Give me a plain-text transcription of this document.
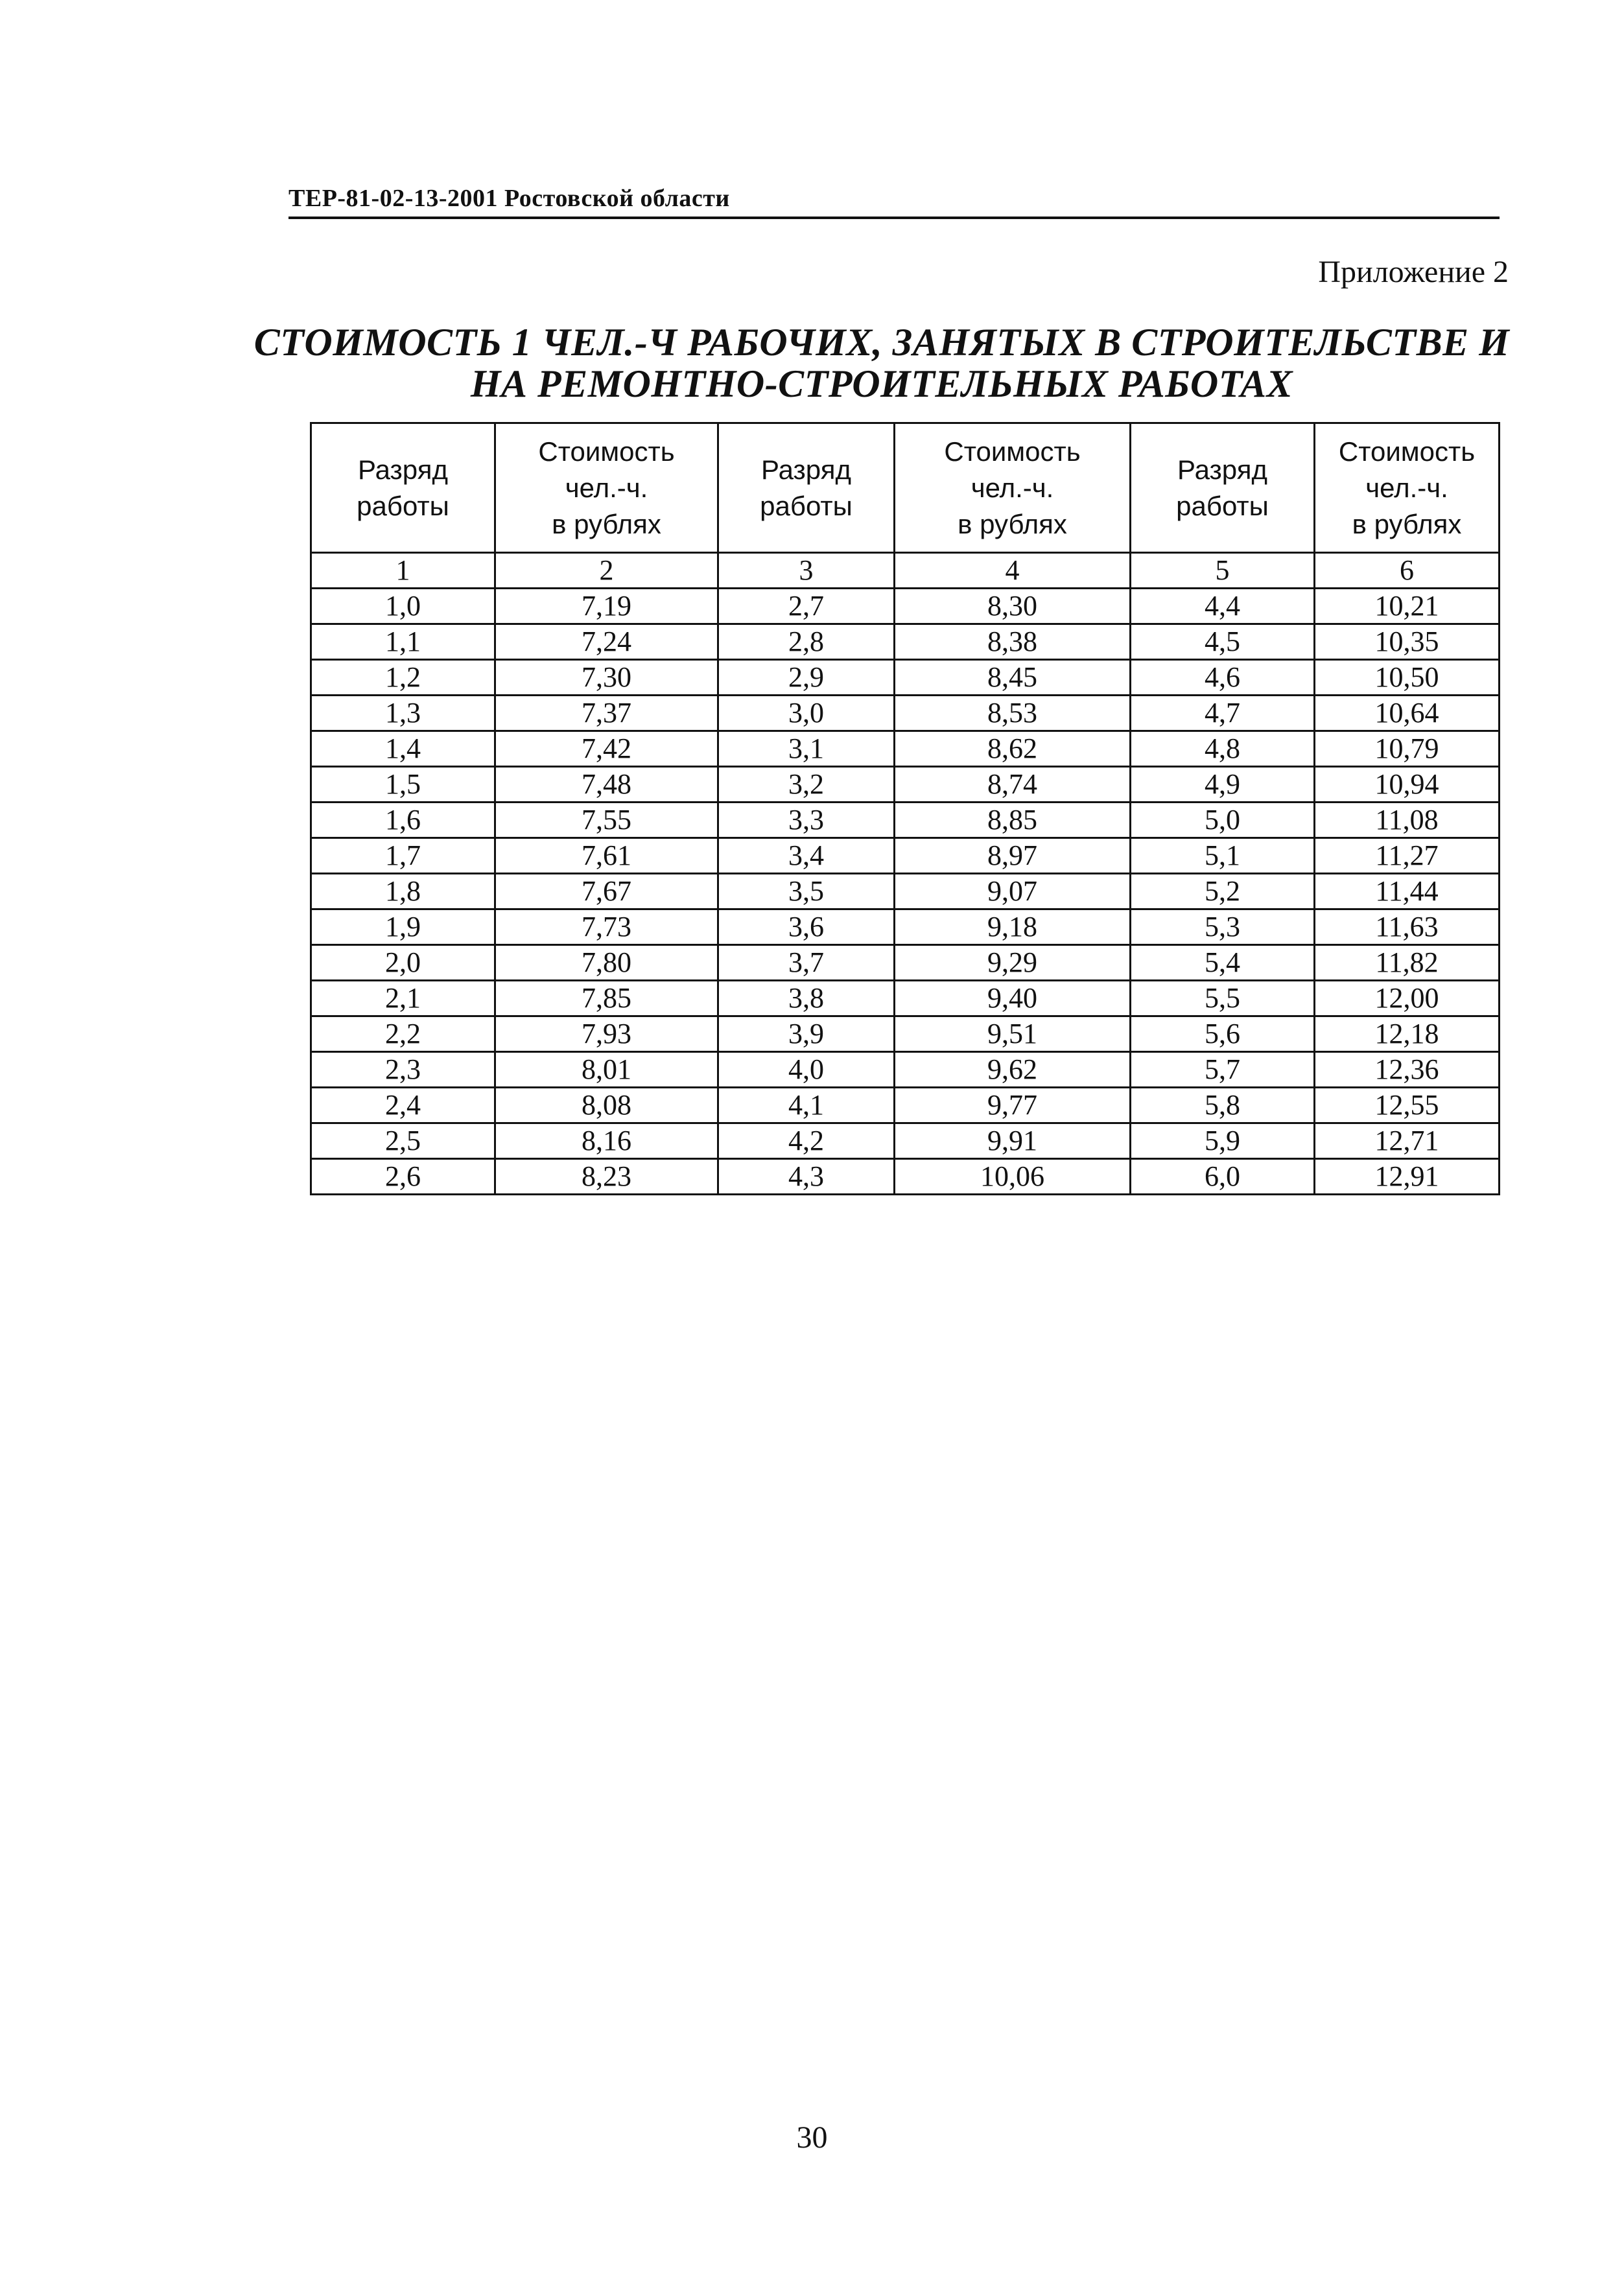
ТЕР-81-02-13-2001 Ростовской области
Приложение 2
СТОИМОСТЬ 1 ЧЕЛ.-Ч РАБОЧИХ, ЗАНЯТЫХ В СТРОИТЕЛЬСТВЕ И
НА РЕМОНТНО-СТРОИТЕЛЬНЫХ РАБОТАХ
Разряд
работы	Стоимость
чел.-ч.
в рублях	Разряд
работы	Стоимость
чел.-ч.
в рублях	Разряд
работы	Стоимость
чел.-ч.
в рублях

1	2	3	4	5	6
1,0	7,19	2,7	8,30	4,4	10,21
1,1	7,24	2,8	8,38	4,5	10,35
1,2	7,30	2,9	8,45	4,6	10,50
1,3	7,37	3,0	8,53	4,7	10,64
1,4	7,42	3,1	8,62	4,8	10,79
1,5	7,48	3,2	8,74	4,9	10,94
1,6	7,55	3,3	8,85	5,0	11,08
1,7	7,61	3,4	8,97	5,1	11,27
1,8	7,67	3,5	9,07	5,2	11,44
1,9	7,73	3,6	9,18	5,3	11,63
2,0	7,80	3,7	9,29	5,4	11,82
2,1	7,85	3,8	9,40	5,5	12,00
2,2	7,93	3,9	9,51	5,6	12,18
2,3	8,01	4,0	9,62	5,7	12,36
2,4	8,08	4,1	9,77	5,8	12,55
2,5	8,16	4,2	9,91	5,9	12,71
2,6	8,23	4,3	10,06	6,0	12,91
30
